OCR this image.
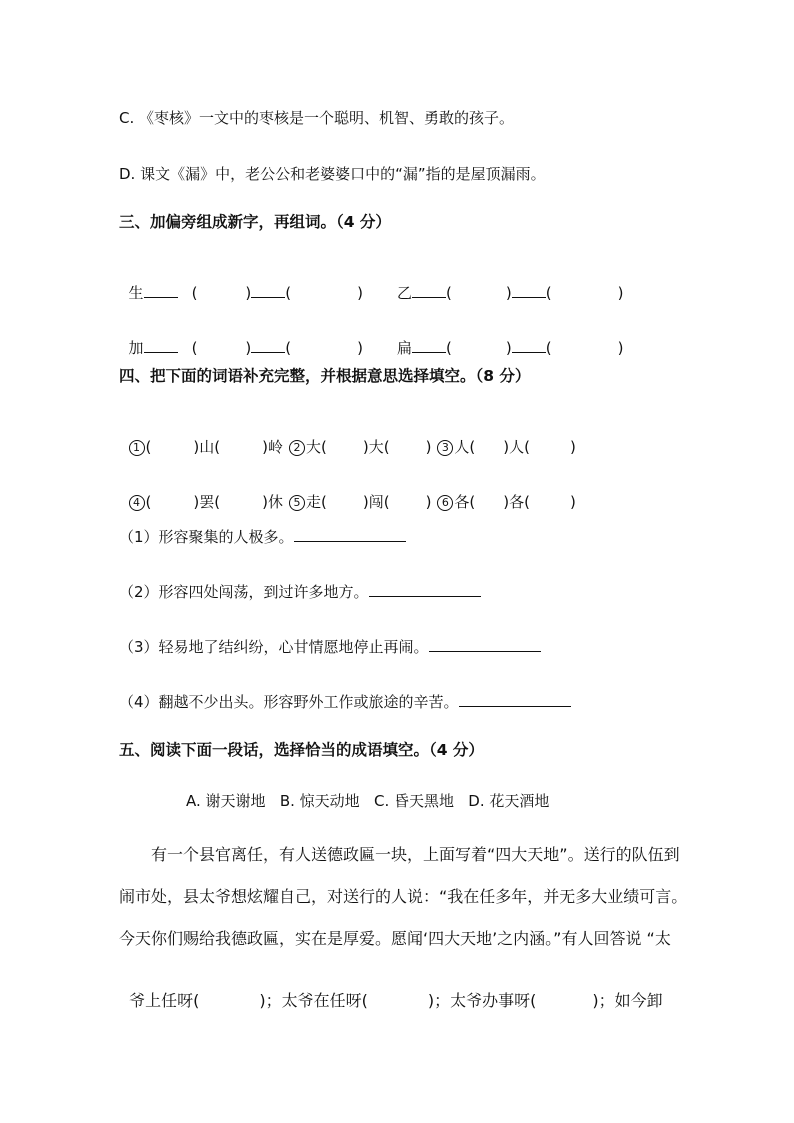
C. 《枣核》一文中的枣核是一个聪明、机智、勇敢的孩子。
D. 课文《漏》中，老公公和老婆婆口中的“漏”指的是屋顶漏雨。
三、加偏旁组成新字，再组词。（4 分）

生	(	) (	) 乙 (	) (	)

加	(	) (	) 扁 (	) (	)

四、把下面的词语补充完整，并根据意思选择填空。（8 分）

1 (	)山(	)岭 2 大( )大( ) 3 人( )人(	)

4 (	)罢(	)休 5 走( )闯( ) 6 各( )各(	)

（1）形容聚集的人极多。
（2）形容四处闯荡，到过许多地方。
（3）轻易地了结纠纷，心甘情愿地停止再闹。
（4）翻越不少出头。形容野外工作或旅途的辛苦。
五、阅读下面一段话，选择恰当的成语填空。（4 分）
A. 谢天谢地   B. 惊天动地   C. 昏天黑地   D. 花天酒地
有一个县官离任，有人送德政匾一块，上面写着“四大天地”。送行的队伍到
闹市处，县太爷想炫耀自己，对送行的人说：“我在任多年，并无多大业绩可言。
今天你们赐给我德政匾，实在是厚爱。愿闻‘四大天地’之内涵。”有人回答说 “太

爷上任呀(	)；太爷在任呀(	)；太爷办事呀(	)；如今卸
